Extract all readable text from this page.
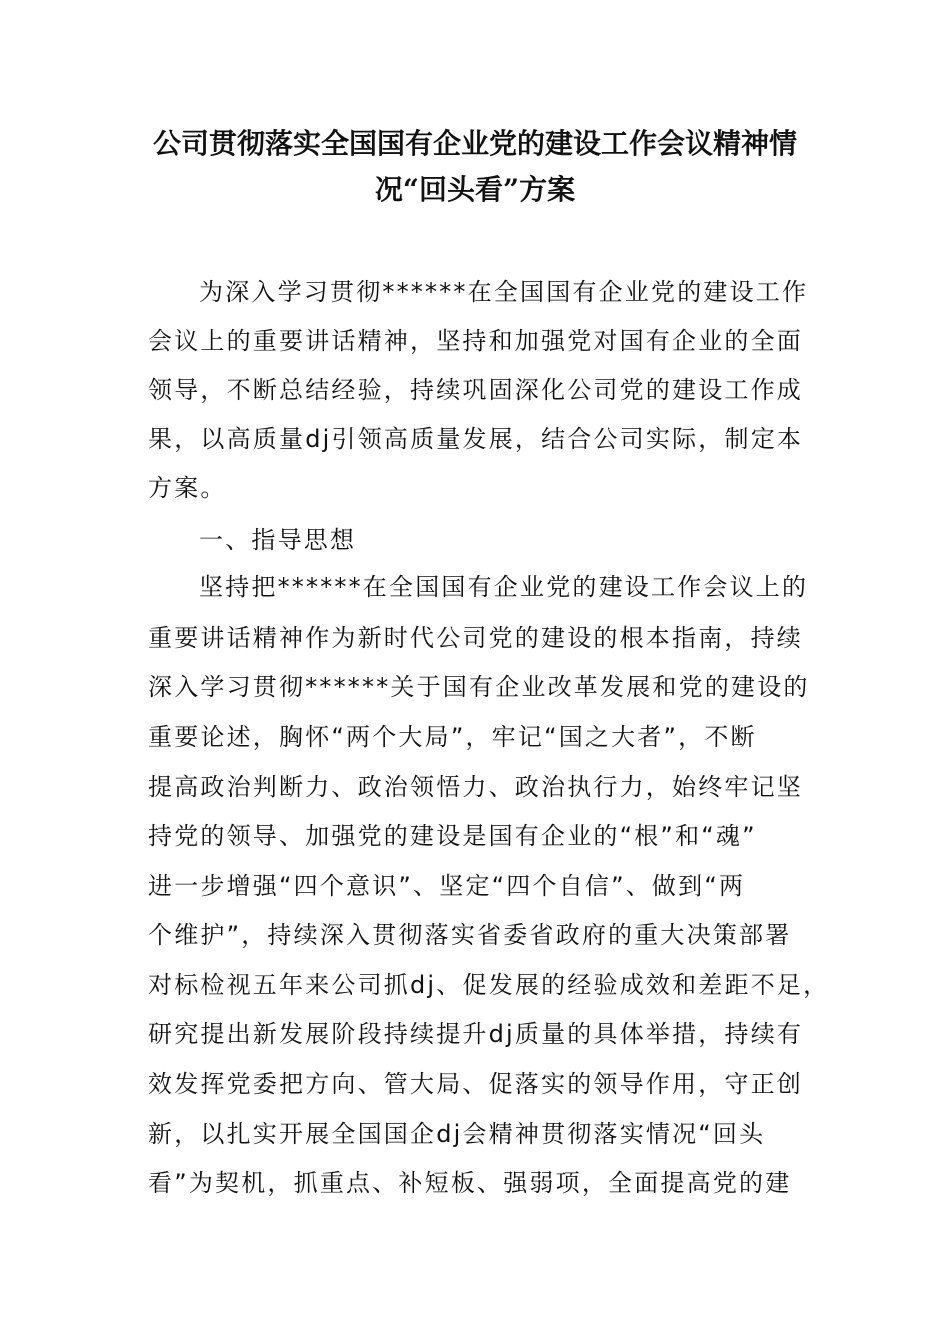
公司贯彻落实全国国有企业党的建设工作会议精神情
况“回头看”方案
为深入学习贯彻******在全国国有企业党的建设工作
会议上的重要讲话精神，坚持和加强党对国有企业的全面
领导，不断总结经验，持续巩固深化公司党的建设工作成
果，以高质量dj引领高质量发展，结合公司实际，制定本
方案。
一、指导思想
坚持把******在全国国有企业党的建设工作会议上的
重要讲话精神作为新时代公司党的建设的根本指南，持续
深入学习贯彻******关于国有企业改革发展和党的建设的
重要论述，胸怀“两个大局”，牢记“国之大者”，不断
提高政治判断力、政治领悟力、政治执行力，始终牢记坚
持党的领导、加强党的建设是国有企业的“根”和“魂”
进一步增强“四个意识”、坚定“四个自信”、做到“两
个维护”，持续深入贯彻落实省委省政府的重大决策部署
对标检视五年来公司抓dj、促发展的经验成效和差距不足，
研究提出新发展阶段持续提升dj质量的具体举措，持续有
效发挥党委把方向、管大局、促落实的领导作用，守正创
新，以扎实开展全国国企dj会精神贯彻落实情况“回头
看”为契机，抓重点、补短板、强弱项，全面提高党的建
